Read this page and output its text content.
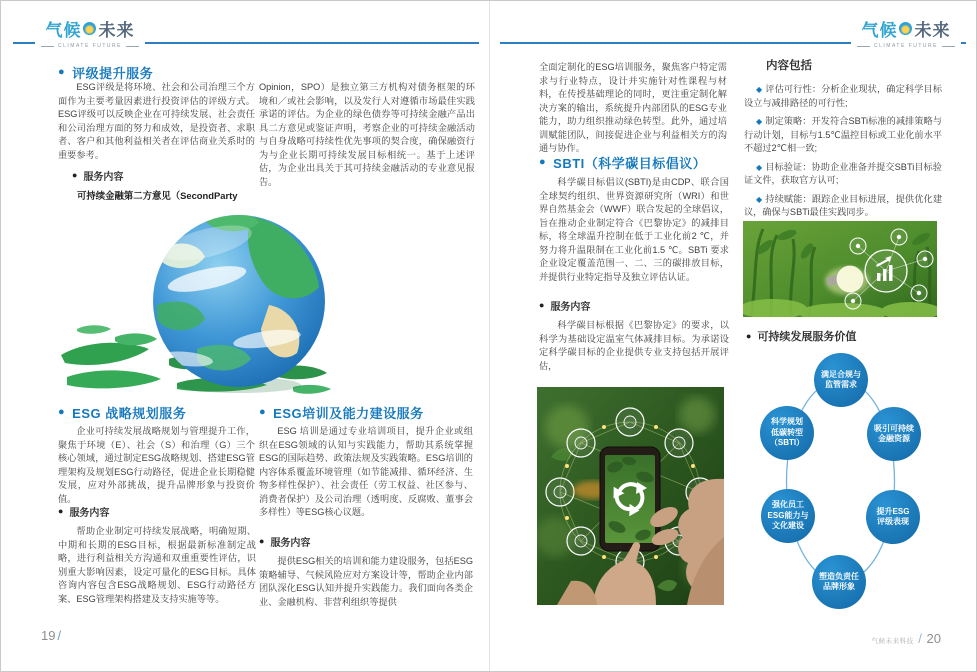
气候 未来
CLIMATE FUTURE
气候 未来
CLIMATE FUTURE
● 评级提升服务
ESG评级是将环境、社会和公司治理三个方面作为主要考量因素进行投资评估的评级方式。ESG评级可以反映企业在可持续发展、社会责任和公司治理方面的努力和成效，是投资者、求职者、客户和其他利益相关者在评估商业关系时的重要参考。
● 服务内容
可持续金融第二方意见（SecondParty
Opinion，SPO）是独立第三方机构对债务框架的环境和／或社会影响，以及发行人对遵循市场最佳实践承诺的评估。为企业的绿色债券等可持续金融产品出具二方意见或鉴证声明，考察企业的可持续金融活动与自身战略可持续性优先事项的契合度，确保融资行为与企业长期可持续发展目标相统一。基于上述评估，为企业出具关于其可持续金融活动的专业意见报告。
● ESG 战略规划服务
企业可持续发展战略规划与管理提升工作，聚焦于环境（E）、社会（S）和治理（G）三个核心领域，通过制定ESG战略规划、搭建ESG管理架构及规划ESG行动路径，促进企业长期稳健发展，应对外部挑战，提升品牌形象与投资价值。
● 服务内容
帮助企业制定可持续发展战略，明确短期、中期和长期的ESG目标，根据最新标准制定战略，进行利益相关方沟通和双重重要性评估，识别重大影响因素，设定可量化的ESG目标。具体咨询内容包含ESG战略规划、ESG行动路径方案、ESG管理架构搭建及支持实施等等。
● ESG培训及能力建设服务
ESG 培训是通过专业培训项目，提升企业或组织在ESG领域的认知与实践能力，帮助其系统掌握ESG的国际趋势、政策法规及实践策略。ESG培训的内容体系覆盖环境管理（如节能减排、循环经济、生物多样性保护）、社会责任（劳工权益、社区参与、消费者保护）及公司治理（透明度、反腐败、董事会多样性）等ESG核心议题。
● 服务内容
提供ESG相关的培训和能力建设服务，包括ESG策略辅导、气候风险应对方案设计等，帮助企业内部团队深化ESG认知并提升实践能力。我们面向各类企业、金融机构、非营利组织等提供
19 /
全面定制化的ESG培训服务，聚焦客户特定需求与行业特点，设计并实施针对性课程与材料，在传授基础理论的同时，更注重定制化解决方案的输出，系统提升内部团队的ESG专业能力，助力组织推动绿色转型。此外，通过培训赋能团队，间接促进企业与利益相关方的沟通与协作。
● SBTI（科学碳目标倡议）
科学碳目标倡议(SBTI)是由CDP、联合国全球契约组织、世界资源研究所（WRI）和世界自然基金会（WWF）联合发起的全球倡议，旨在推动企业制定符合《巴黎协定》的减排目标，将全球温升控制在低于工业化前2 ℃，并努力将升温限制在工业化前1.5 ℃。SBTi 要求企业设定覆盖范围一、二、三的碳排放目标，并提供行业特定指导及独立评估认证。
● 服务内容
科学碳目标根据《巴黎协定》的要求，以科学为基础设定温室气体减排目标。为承诺设定科学碳目标的企业提供专业支持包括开展评估，
内容包括
◆ 评估可行性：分析企业现状，确定科学目标设立与减排路径的可行性;
◆ 制定策略：开发符合SBTi标准的减排策略与行动计划，目标与1.5℃温控目标或工业化前水平不超过2℃相一致;
◆ 目标验证：协助企业准备并提交SBTi目标验证文件，获取官方认可;
◆ 持续赋能：跟踪企业目标进展，提供优化建议，确保与SBTi最佳实践同步。
● 可持续发展服务价值
满足合规与
监管需求
科学规划
低碳转型
（SBTI）
吸引可持续
金融资源
强化员工
ESG能力与
文化建设
提升ESG
评级表现
塑造负责任
品牌形象
气候未来科技 / 20
